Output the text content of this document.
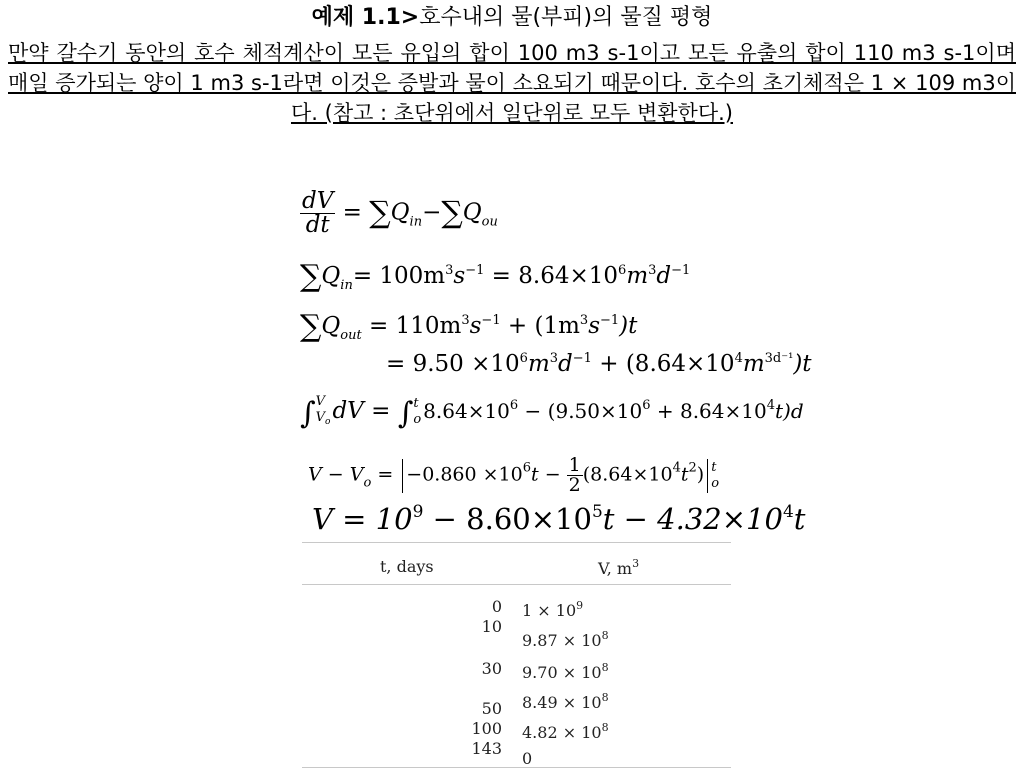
예제 1.1>호수내의 물(부피)의 물질 평형
만약 갈수기 동안의 호수 체적계산이 모든 유입의 합이 100 m3 s-1이고 모든 유출의 합이 110 m3 s-1이며 매일 증가되는 양이 1 m3 s-1라면 이것은 증발과 물이 소요되기 때문이다. 호수의 초기체적은 1 × 109 m3이다. (참고 : 초단위에서 일단위로 모두 변환한다.)
$\frac{dV}{dt} = \sum Q_{in}-\sum Q_{ou}$
$\sum Q_{in}= 100m^3s^{-1} = 8.64\times 10^6m^3d^{-1}$
$\sum Q_{out} = 110m^3s^{-1} + (1m^3s^{-1})t$
= $9.50 \times 10^6m^3d^{-1} + (8.64\times 10^4m^{3d^{-1}})t$
∫V
$V_odV = \int t$
o $8.64\times 10^6 - (9.50\times 10^6 + 8.64\times 10^4t)d$
$V - V_o = -0.860 \times 10^6t - \frac{1}{2} (8.64\times 10^4t^2)$ t
o
$V = 10^9 - 8.60\times 10^5t - 4.32\times 10^4t$
t, days	V, $m^3$
0
10
30
50
100
143
$1 \times 10^9$
$9.87 \times 10^8$
$9.70 \times 10^8$
$8.49 \times 10^8$
$4.82 \times 10^8$
0
